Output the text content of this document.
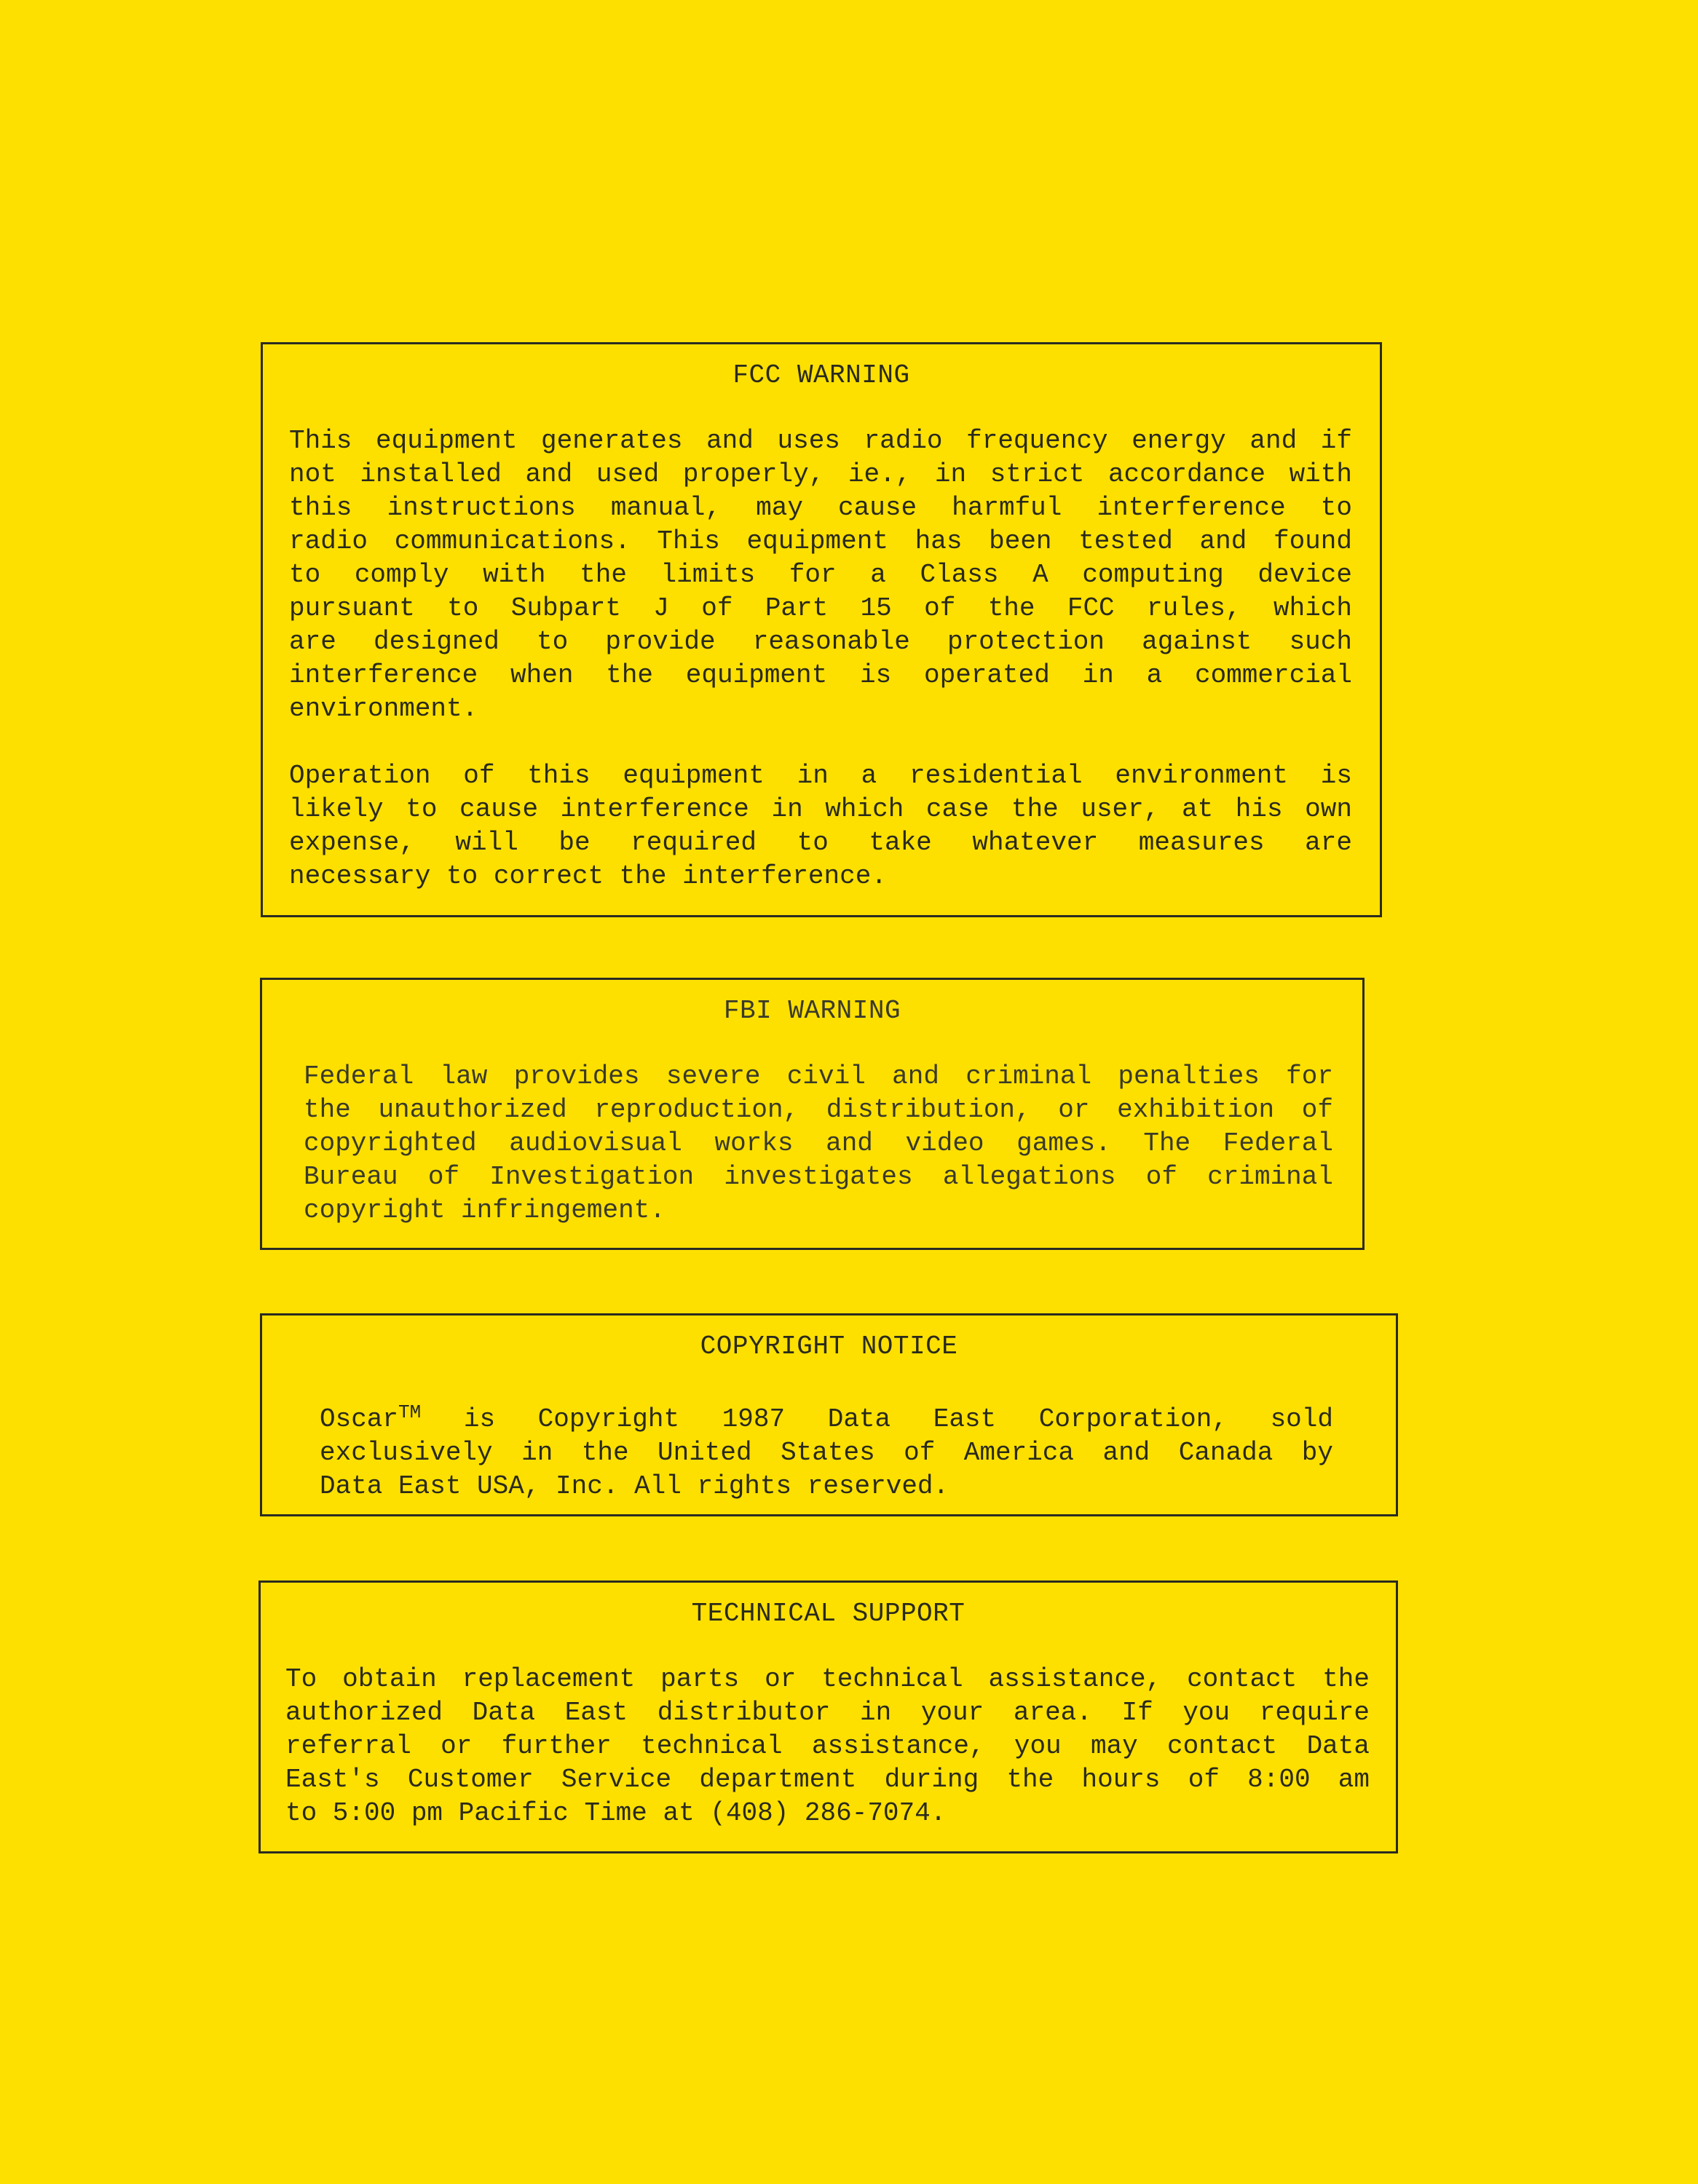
FCC WARNING
This equipment generates and uses radio frequency energy and if
not installed and used properly, ie., in strict accordance with
this instructions manual, may cause harmful interference to
radio communications. This equipment has been tested and found
to comply with the limits for a Class A computing device
pursuant to Subpart J of Part 15 of the FCC rules, which
are designed to provide reasonable protection against such
interference when the equipment is operated in a commercial
environment.
Operation of this equipment in a residential environment is
likely to cause interference in which case the user, at his own
expense, will be required to take whatever measures are
necessary to correct the interference.
FBI WARNING
Federal law provides severe civil and criminal penalties for
the unauthorized reproduction, distribution, or exhibition of
copyrighted audiovisual works and video games. The Federal
Bureau of Investigation investigates allegations of criminal
copyright infringement.
COPYRIGHT NOTICE
Oscar™ is Copyright 1987 Data East Corporation, sold
exclusively in the United States of America and Canada by
Data East USA, Inc. All rights reserved.
TECHNICAL SUPPORT
To obtain replacement parts or technical assistance, contact the
authorized Data East distributor in your area. If you require
referral or further technical assistance, you may contact Data
East's Customer Service department during the hours of 8:00 am
to 5:00 pm Pacific Time at (408) 286-7074.
